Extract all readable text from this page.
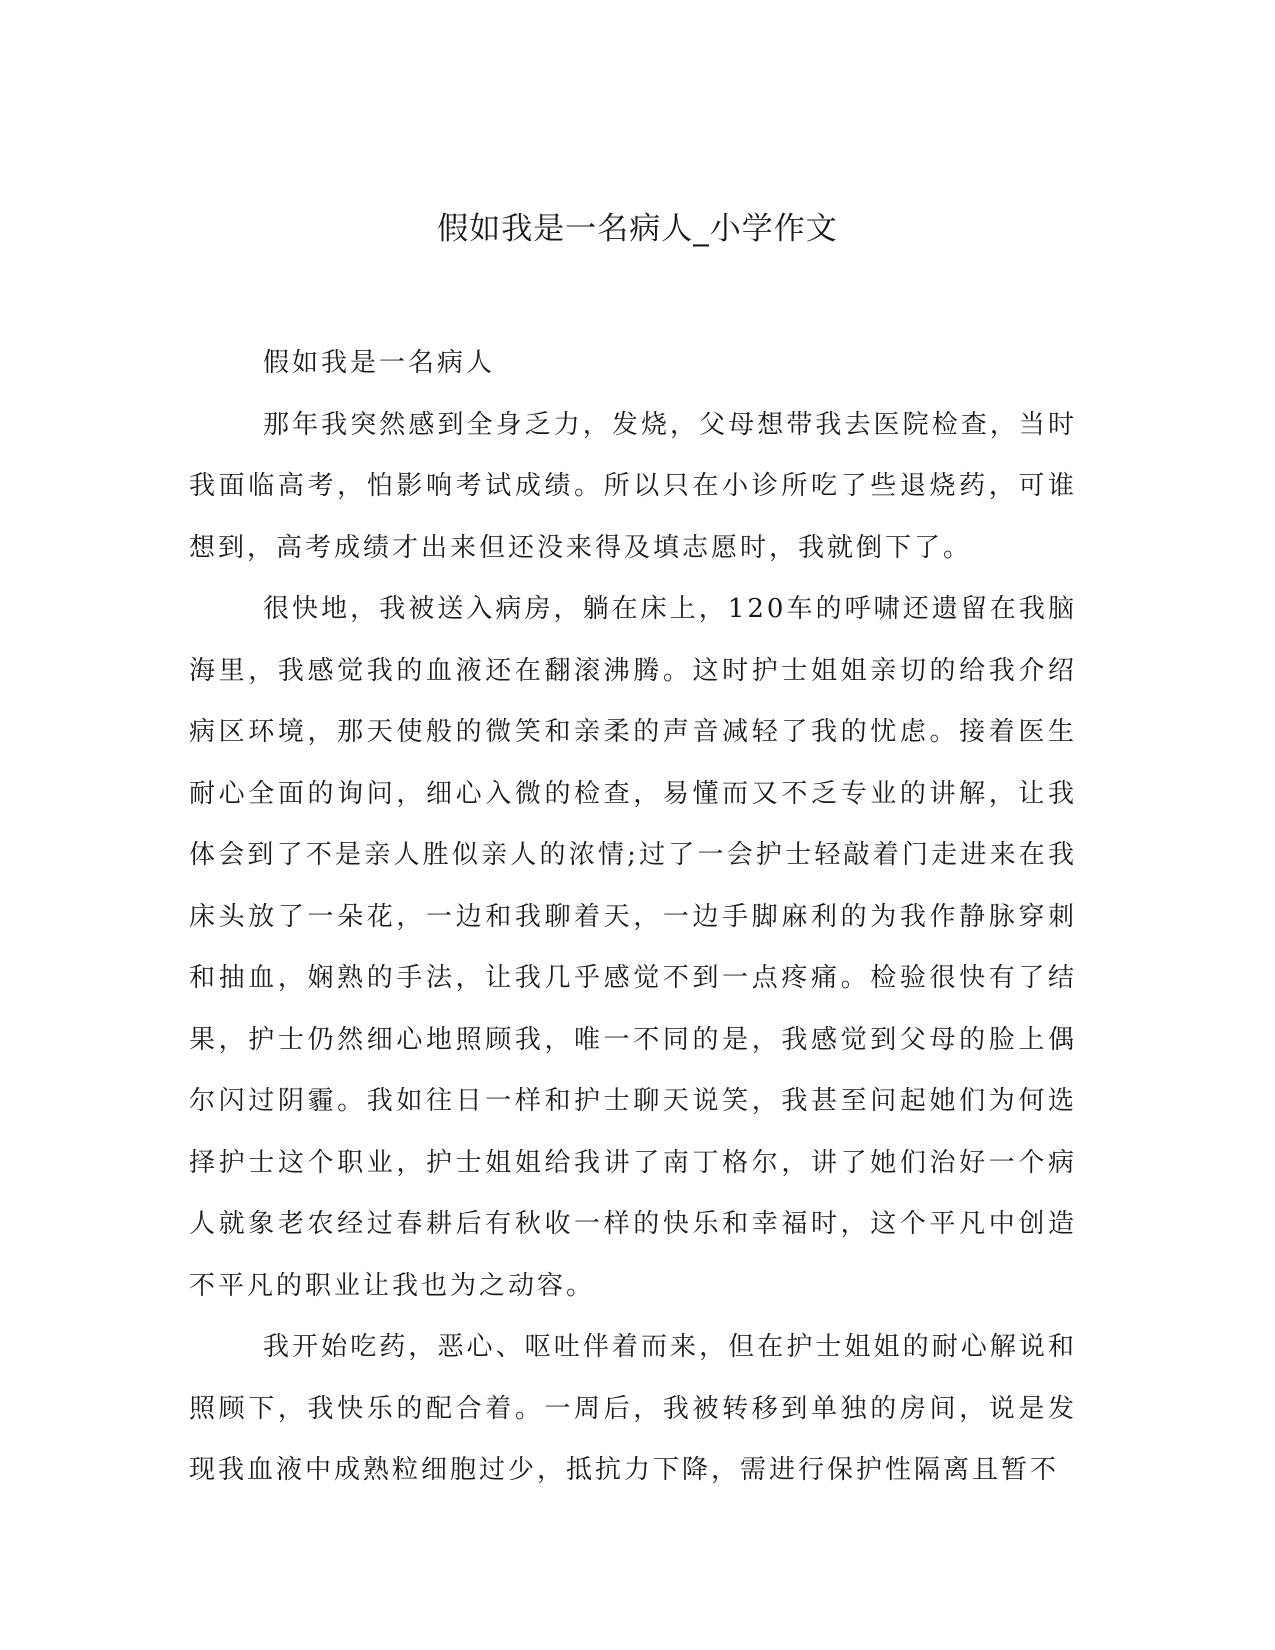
假如我是一名病人_小学作文

假如我是一名病人

那年我突然感到全身乏力，发烧，父母想带我去医院检查，当时我面临高考，怕影响考试成绩。所以只在小诊所吃了些退烧药，可谁想到，高考成绩才出来但还没来得及填志愿时，我就倒下了。

很快地，我被送入病房，躺在床上，120车的呼啸还遗留在我脑海里，我感觉我的血液还在翻滚沸腾。这时护士姐姐亲切的给我介绍病区环境，那天使般的微笑和亲柔的声音减轻了我的忧虑。接着医生耐心全面的询问，细心入微的检查，易懂而又不乏专业的讲解，让我体会到了不是亲人胜似亲人的浓情;过了一会护士轻敲着门走进来在我床头放了一朵花，一边和我聊着天，一边手脚麻利的为我作静脉穿刺和抽血，娴熟的手法，让我几乎感觉不到一点疼痛。检验很快有了结果，护士仍然细心地照顾我，唯一不同的是，我感觉到父母的脸上偶尔闪过阴霾。我如往日一样和护士聊天说笑，我甚至问起她们为何选择护士这个职业，护士姐姐给我讲了南丁格尔，讲了她们治好一个病人就象老农经过春耕后有秋收一样的快乐和幸福时，这个平凡中创造不平凡的职业让我也为之动容。

我开始吃药，恶心、呕吐伴着而来，但在护士姐姐的耐心解说和照顾下，我快乐的配合着。一周后，我被转移到单独的房间，说是发现我血液中成熟粒细胞过少，抵抗力下降，需进行保护性隔离且暂不
